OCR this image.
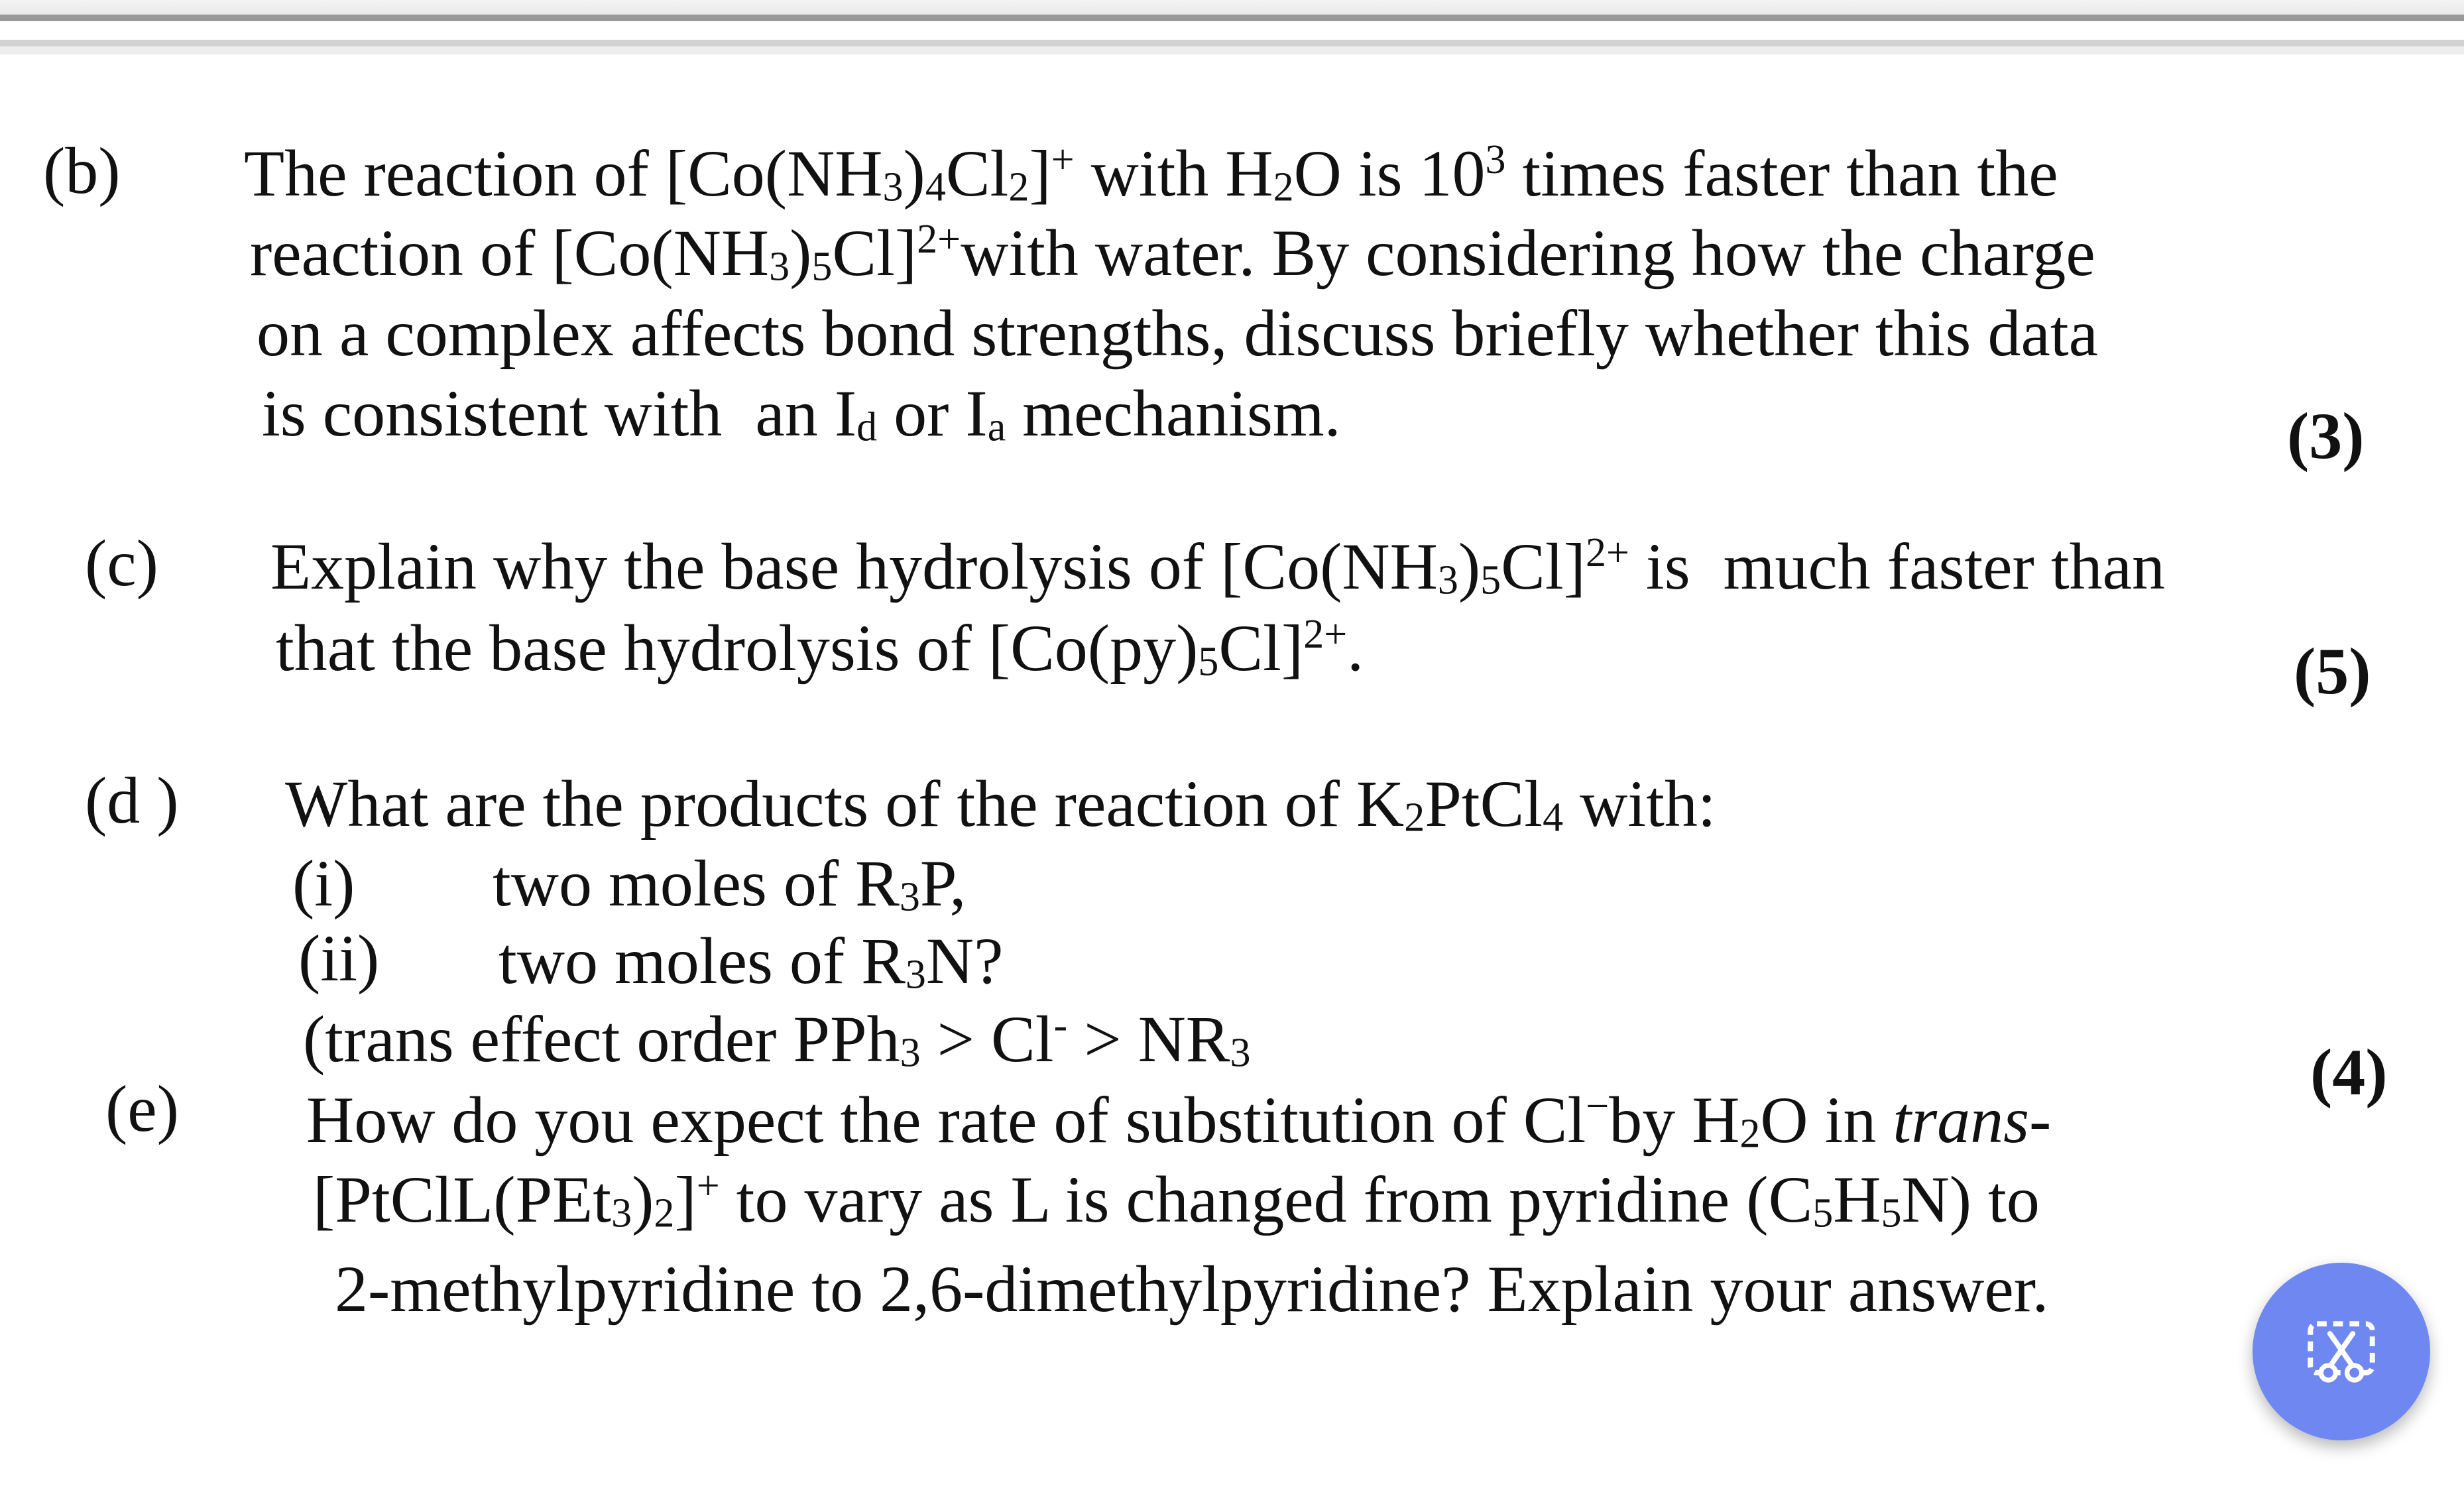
(b) The reaction of $[Co(NH_3)_4Cl_2]^+$ with $H_2O$ is $10^3$ times faster than the
reaction of $[Co(NH_3)_5Cl]^{2+}with$ water. By considering how the charge
on a complex affects bond strengths, discuss briefly whether this data
is consistent with  an $I_d$ or $I_a$ mechanism.	(3)
(c) Explain why the base hydrolysis of $[Co(NH_3)_5Cl]^{2+}$ is  much faster than
that the base hydrolysis of $[Co(py)_5Cl]^{2+}$.	(5)
(d ) What are the products of the reaction of $K_2PtCl_4$ with:
(i) two moles of $R_3P$,
(ii) two moles of $R_3N$?
(trans effect order $PPh_3 > Cl^- > NR_3$	(4)
(e) How do you expect the rate of substitution of Cl−by $H_2O$ in trans-
$[PtClL(PEt_3)_2]^+$ to vary as L is changed from pyridine $(C_5H_5N)$ to
2-methylpyridine to 2,6-dimethylpyridine? Explain your answer.
